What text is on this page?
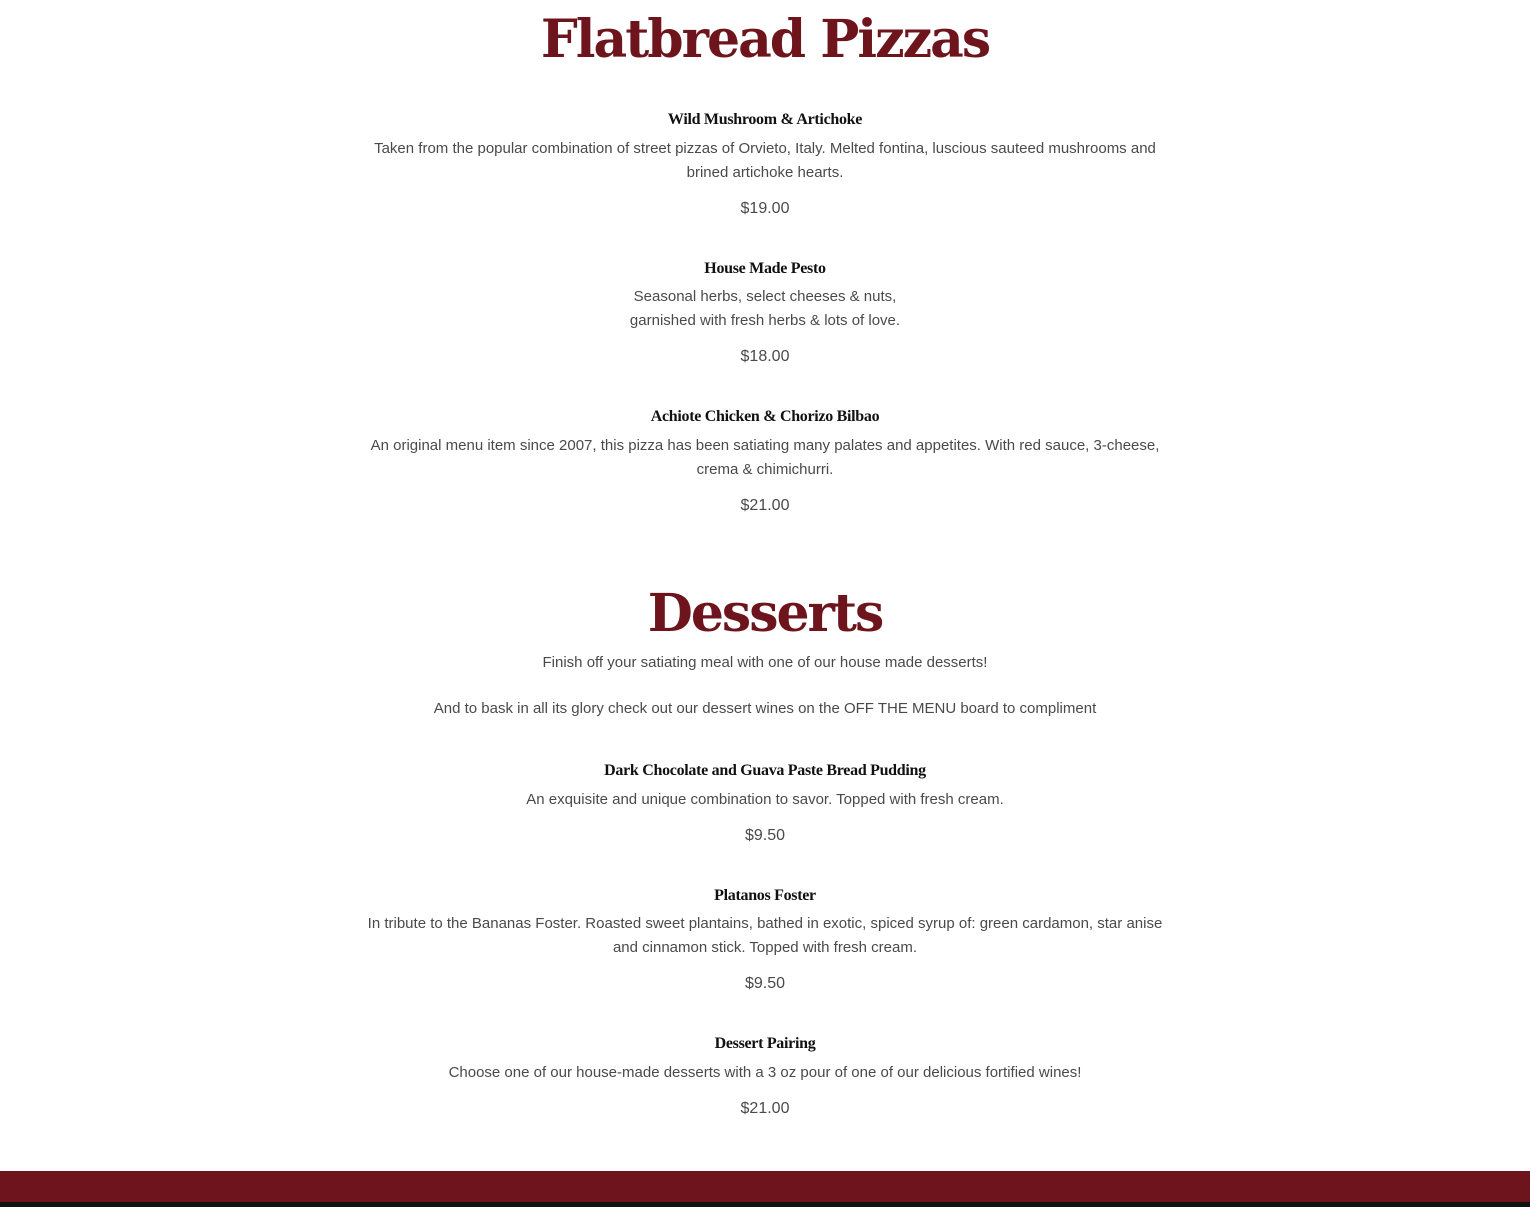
Flatbread Pizzas
Wild Mushroom & Artichoke
Taken from the popular combination of street pizzas of Orvieto, Italy. Melted fontina, luscious sauteed mushrooms and brined artichoke hearts.
$19.00
House Made Pesto
Seasonal herbs, select cheeses & nuts,
garnished with fresh herbs & lots of love.
$18.00
Achiote Chicken & Chorizo Bilbao
An original menu item since 2007, this pizza has been satiating many palates and appetites. With red sauce, 3-cheese, crema & chimichurri.
$21.00
Desserts
Finish off your satiating meal with one of our house made desserts!
And to bask in all its glory check out our dessert wines on the OFF THE MENU board to compliment
Dark Chocolate and Guava Paste Bread Pudding
An exquisite and unique combination to savor. Topped with fresh cream.
$9.50
Platanos Foster
In tribute to the Bananas Foster. Roasted sweet plantains, bathed in exotic, spiced syrup of: green cardamon, star anise and cinnamon stick. Topped with fresh cream.
$9.50
Dessert Pairing
Choose one of our house-made desserts with a 3 oz pour of one of our delicious fortified wines!
$21.00
